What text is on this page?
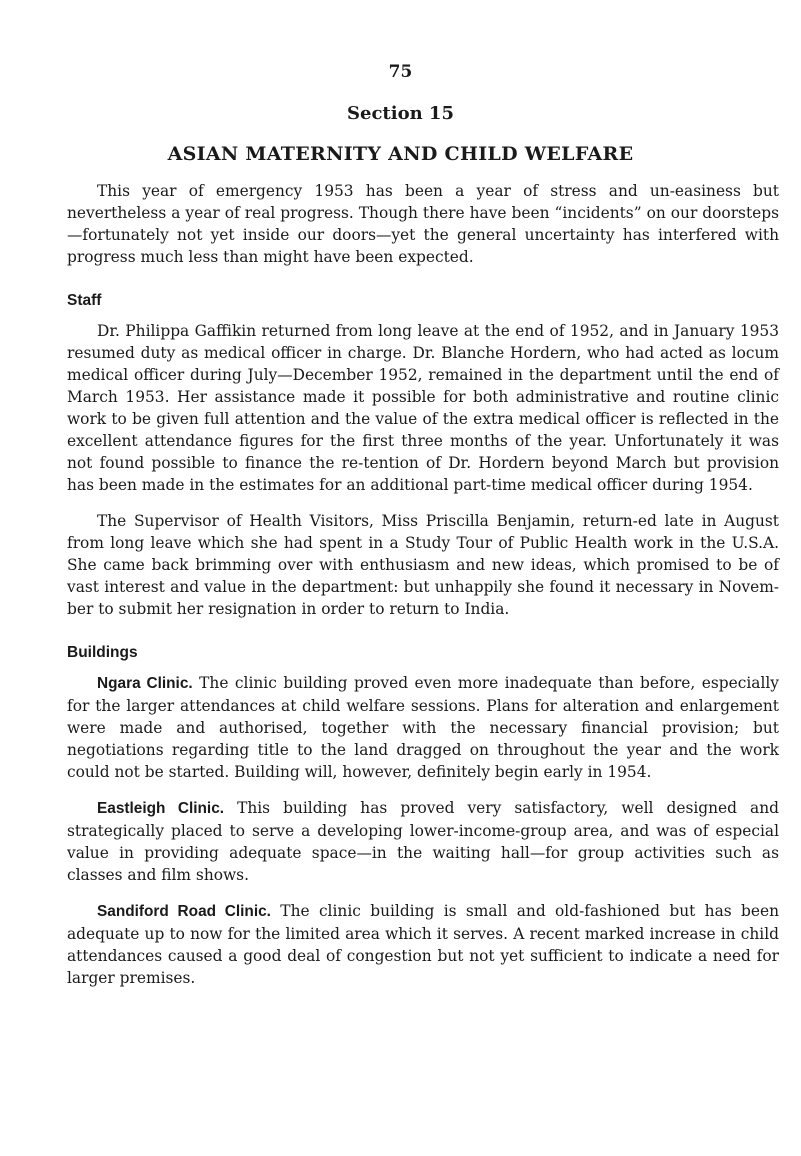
75
Section 15
ASIAN MATERNITY AND CHILD WELFARE

This year of emergency 1953 has been a year of stress and un-easiness but nevertheless a year of real progress. Though there have been “incidents” on our doorsteps—fortunately not yet inside our doors—yet the general uncertainty has interfered with progress much less than might have been expected.

Staff

Dr. Philippa Gaffikin returned from long leave at the end of 1952, and in January 1953 resumed duty as medical officer in charge. Dr. Blanche Hordern, who had acted as locum medical officer during July—December 1952, remained in the department until the end of March 1953. Her assistance made it possible for both administrative and routine clinic work to be given full attention and the value of the extra medical officer is reflected in the excellent attendance figures for the first three months of the year. Unfortunately it was not found possible to finance the re-tention of Dr. Hordern beyond March but provision has been made in the estimates for an additional part-time medical officer during 1954.

The Supervisor of Health Visitors, Miss Priscilla Benjamin, return-ed late in August from long leave which she had spent in a Study Tour of Public Health work in the U.S.A. She came back brimming over with enthusiasm and new ideas, which promised to be of vast interest and value in the department: but unhappily she found it necessary in Novem-ber to submit her resignation in order to return to India.

Buildings

Ngara Clinic. The clinic building proved even more inadequate than before, especially for the larger attendances at child welfare sessions. Plans for alteration and enlargement were made and authorised, together with the necessary financial provision; but negotiations regarding title to the land dragged on throughout the year and the work could not be started. Building will, however, definitely begin early in 1954.

Eastleigh Clinic. This building has proved very satisfactory, well designed and strategically placed to serve a developing lower-income-group area, and was of especial value in providing adequate space—in the waiting hall—for group activities such as classes and film shows.

Sandiford Road Clinic. The clinic building is small and old-fashioned but has been adequate up to now for the limited area which it serves. A recent marked increase in child attendances caused a good deal of congestion but not yet sufficient to indicate a need for larger premises.
